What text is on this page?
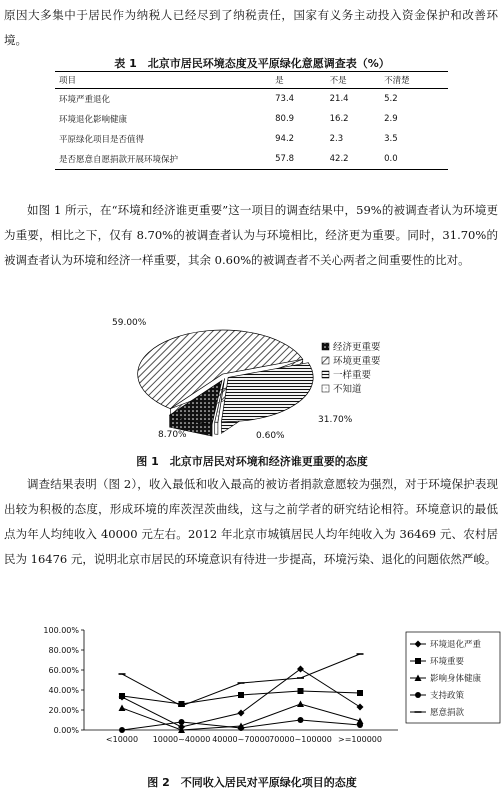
原因大多集中于居民作为纳税人已经尽到了纳税责任，国家有义务主动投入资金保护和改善环境。

表 1　北京市居民环境态度及平原绿化意愿调查表（%）
项目	是	不是	不清楚
环境严重退化	73.4	21.4	5.2
环境退化影响健康	80.9	16.2	2.9
平原绿化项目是否值得	94.2	2.3	3.5
是否愿意自愿捐款开展环境保护	57.8	42.2	0.0

如图 1 所示，在“环境和经济谁更重要”这一项目的调查结果中，59%的被调查者认为环境更为重要，相比之下，仅有 8.70%的被调查者认为与环境相比，经济更为重要。同时，31.70%的被调查者认为环境和经济一样重要，其余 0.60%的被调查者不关心两者之间重要性的比对。

59.00%
31.70%
0.60%
8.70%
经济更重要
环境更重要
一样重要
不知道
图 1　北京市居民对环境和经济谁更重要的态度

调查结果表明（图 2），收入最低和收入最高的被访者捐款意愿较为强烈，对于环境保护表现出较为积极的态度，形成环境的库茨涅茨曲线，这与之前学者的研究结论相符。环境意识的最低点为年人均纯收入 40000 元左右。2012 年北京市城镇居民人均年纯收入为 36469 元、农村居民为 16476 元，说明北京市居民的环境意识有待进一步提高，环境污染、退化的问题依然严峻。

0.00%
20.00%
40.00%
60.00%
80.00%
100.00%
<10000 10000~40000 40000~70000 70000~100000 >=100000
环境退化严重
环境重要
影响身体健康
支持政策
愿意捐款
图 2　不同收入居民对平原绿化项目的态度
